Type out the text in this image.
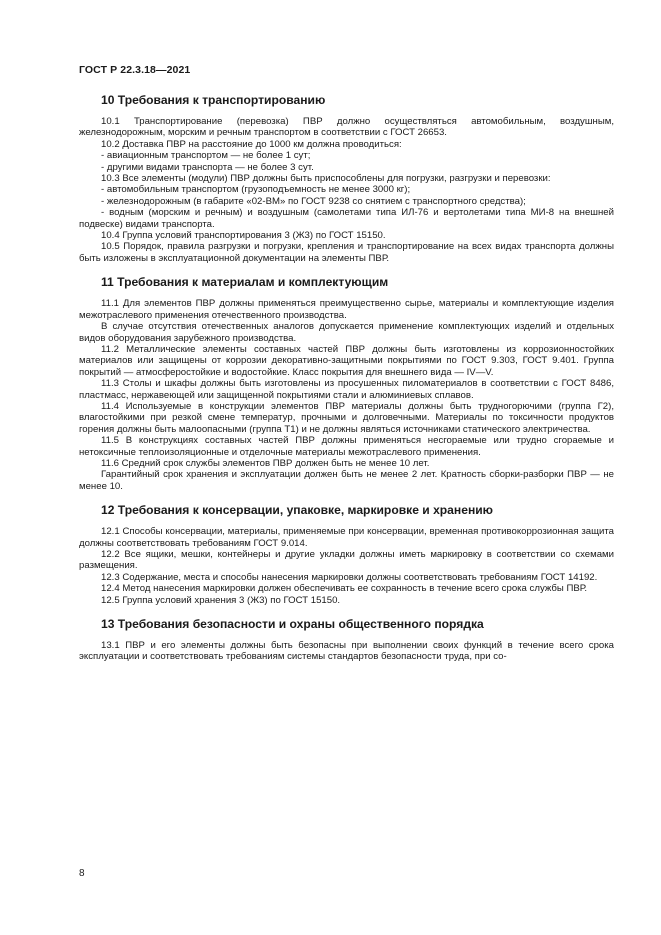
ГОСТ Р 22.3.18—2021
10 Требования к транспортированию

10.1 Транспортирование (перевозка) ПВР должно осуществляться автомобильным, воздушным, железнодорожным, морским и речным транспортом в соответствии с ГОСТ 26653.

10.2 Доставка ПВР на расстояние до 1000 км должна проводиться:

- авиационным транспортом — не более 1 сут;

- другими видами транспорта — не более 3 сут.

10.3 Все элементы (модули) ПВР должны быть приспособлены для погрузки, разгрузки и перевозки:

- автомобильным транспортом (грузоподъемность не менее 3000 кг);

- железнодорожным (в габарите «02-ВМ» по ГОСТ 9238 со снятием с транспортного средства);

- водным (морским и речным) и воздушным (самолетами типа ИЛ-76 и вертолетами типа МИ-8 на внешней подвеске) видами транспорта.

10.4 Группа условий транспортирования 3 (Ж3) по ГОСТ 15150.

10.5 Порядок, правила разгрузки и погрузки, крепления и транспортирование на всех видах транспорта должны быть изложены в эксплуатационной документации на элементы ПВР.

11 Требования к материалам и комплектующим

11.1 Для элементов ПВР должны применяться преимущественно сырье, материалы и комплектующие изделия межотраслевого применения отечественного производства.

В случае отсутствия отечественных аналогов допускается применение комплектующих изделий и отдельных видов оборудования зарубежного производства.

11.2 Металлические элементы составных частей ПВР должны быть изготовлены из коррозионностойких материалов или защищены от коррозии декоративно-защитными покрытиями по ГОСТ 9.303, ГОСТ 9.401. Группа покрытий — атмосферостойкие и водостойкие. Класс покрытия для внешнего вида — IV—V.

11.3 Столы и шкафы должны быть изготовлены из просушенных пиломатериалов в соответствии с ГОСТ 8486, пластмасс, нержавеющей или защищенной покрытиями стали и алюминиевых сплавов.

11.4 Используемые в конструкции элементов ПВР материалы должны быть трудногорючими (группа Г2), влагостойкими при резкой смене температур, прочными и долговечными. Материалы по токсичности продуктов горения должны быть малоопасными (группа Т1) и не должны являться источниками статического электричества.

11.5 В конструкциях составных частей ПВР должны применяться несгораемые или трудно сгораемые и нетоксичные теплоизоляционные и отделочные материалы межотраслевого применения.

11.6 Средний срок службы элементов ПВР должен быть не менее 10 лет.

Гарантийный срок хранения и эксплуатации должен быть не менее 2 лет. Кратность сборки-разборки ПВР — не менее 10.

12 Требования к консервации, упаковке, маркировке и хранению

12.1 Способы консервации, материалы, применяемые при консервации, временная противокоррозионная защита должны соответствовать требованиям ГОСТ 9.014.

12.2 Все ящики, мешки, контейнеры и другие укладки должны иметь маркировку в соответствии со схемами размещения.

12.3 Содержание, места и способы нанесения маркировки должны соответствовать требованиям ГОСТ 14192.

12.4 Метод нанесения маркировки должен обеспечивать ее сохранность в течение всего срока службы ПВР.

12.5 Группа условий хранения 3 (Ж3) по ГОСТ 15150.

13 Требования безопасности и охраны общественного порядка

13.1 ПВР и его элементы должны быть безопасны при выполнении своих функций в течение всего срока эксплуатации и соответствовать требованиям системы стандартов безопасности труда, при со-

8
